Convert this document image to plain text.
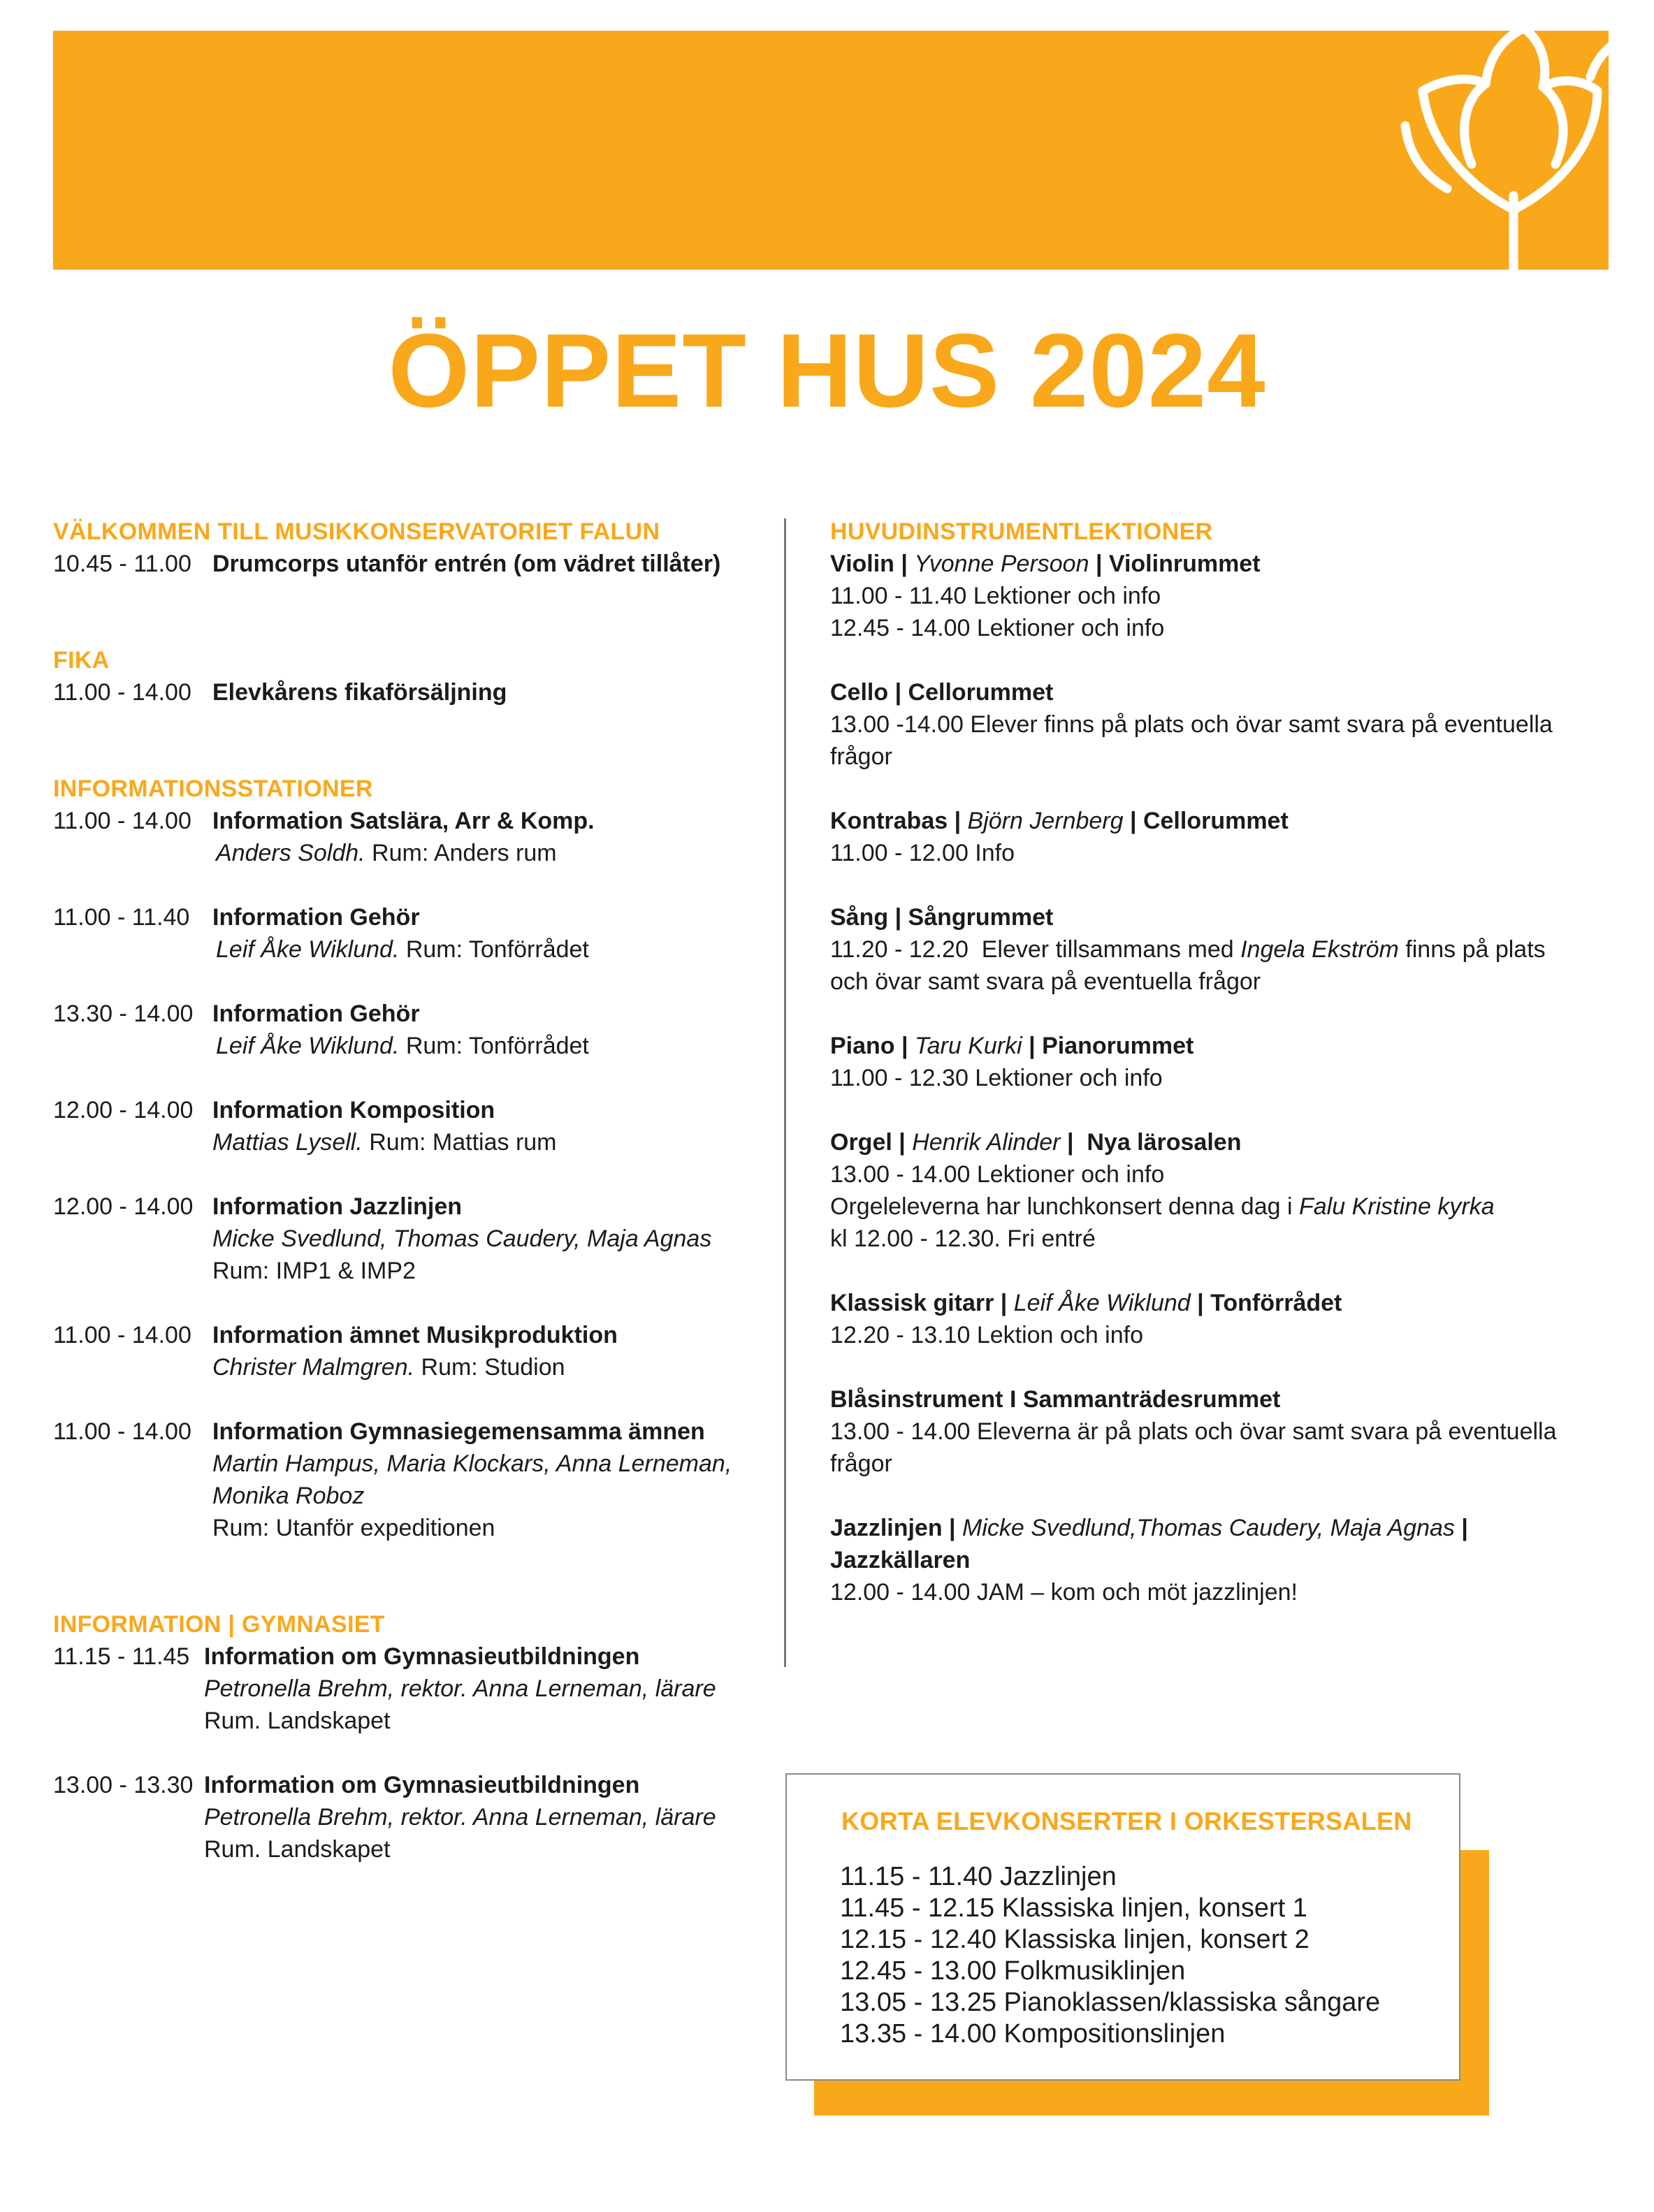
ÖPPET HUS 2024
VÄLKOMMEN TILL MUSIKKONSERVATORIET FALUN
10.45 - 11.00 Drumcorps utanför entrén (om vädret tillåter)
FIKA
11.00 - 14.00 Elevkårens fikaförsäljning
INFORMATIONSSTATIONER
11.00 - 14.00 Information Satslära, Arr & Komp.
Anders Soldh. Rum: Anders rum
11.00 - 11.40 Information Gehör
Leif Åke Wiklund. Rum: Tonförrådet
13.30 - 14.00 Information Gehör
Leif Åke Wiklund. Rum: Tonförrådet
12.00 - 14.00 Information Komposition
Mattias Lysell. Rum: Mattias rum
12.00 - 14.00 Information Jazzlinjen
Micke Svedlund, Thomas Caudery, Maja Agnas
Rum: IMP1 & IMP2
11.00 - 14.00 Information ämnet Musikproduktion
Christer Malmgren. Rum: Studion
11.00 - 14.00 Information Gymnasiegemensamma ämnen
Martin Hampus, Maria Klockars, Anna Lerneman,
Monika Roboz
Rum: Utanför expeditionen
INFORMATION | GYMNASIET
11.15 - 11.45 Information om Gymnasieutbildningen
Petronella Brehm, rektor. Anna Lerneman, lärare
Rum. Landskapet
13.00 - 13.30 Information om Gymnasieutbildningen
Petronella Brehm, rektor. Anna Lerneman, lärare
Rum. Landskapet
HUVUDINSTRUMENTLEKTIONER
Violin | Yvonne Persoon | Violinrummet
11.00 - 11.40 Lektioner och info
12.45 - 14.00 Lektioner och info
Cello | Cellorummet
13.00 -14.00 Elever finns på plats och övar samt svara på eventuella
frågor
Kontrabas | Björn Jernberg | Cellorummet
11.00 - 12.00 Info
Sång | Sångrummet
11.20 - 12.20  Elever tillsammans med Ingela Ekström finns på plats
och övar samt svara på eventuella frågor
Piano | Taru Kurki | Pianorummet
11.00 - 12.30 Lektioner och info
Orgel | Henrik Alinder |  Nya lärosalen
13.00 - 14.00 Lektioner och info
Orgeleleverna har lunchkonsert denna dag i Falu Kristine kyrka
kl 12.00 - 12.30. Fri entré
Klassisk gitarr | Leif Åke Wiklund | Tonförrådet
12.20 - 13.10 Lektion och info
Blåsinstrument I Sammanträdesrummet
13.00 - 14.00 Eleverna är på plats och övar samt svara på eventuella
frågor
Jazzlinjen | Micke Svedlund,Thomas Caudery, Maja Agnas | Jazzkällaren
12.00 - 14.00 JAM – kom och möt jazzlinjen!
KORTA ELEVKONSERTER I ORKESTERSALEN
11.15 - 11.40 Jazzlinjen
11.45 - 12.15 Klassiska linjen, konsert 1
12.15 - 12.40 Klassiska linjen, konsert 2
12.45 - 13.00 Folkmusiklinjen
13.05 - 13.25 Pianoklassen/klassiska sångare
13.35 - 14.00 Kompositionslinjen
